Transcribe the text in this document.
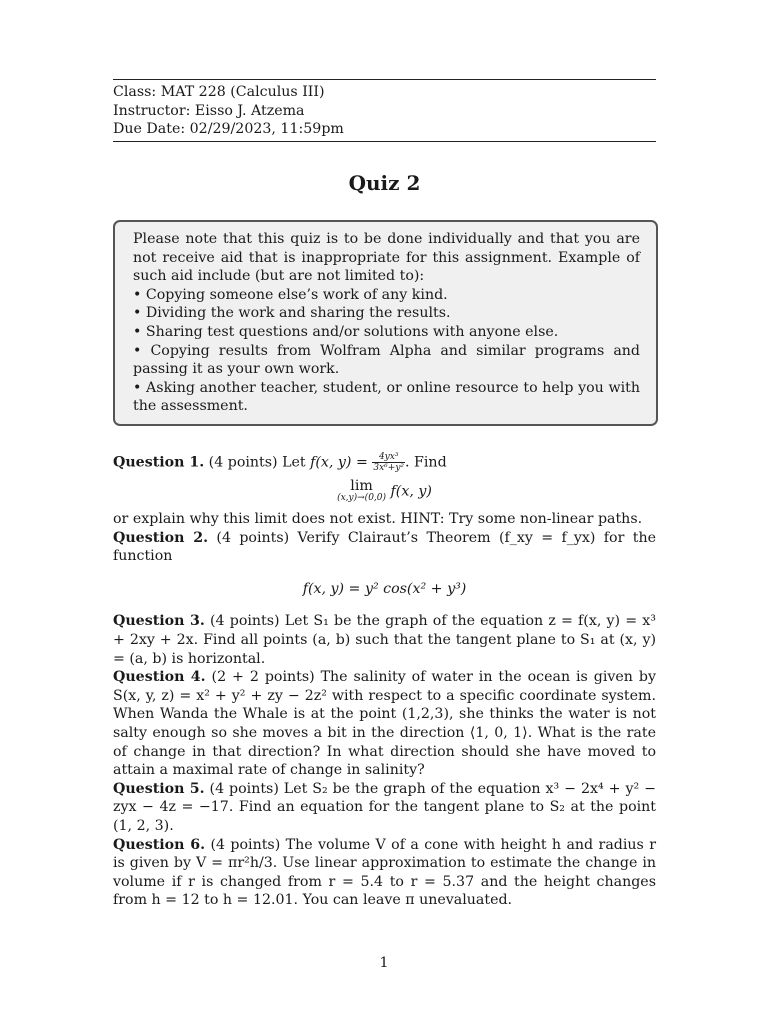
Class: MAT 228 (Calculus III)
Instructor: Eisso J. Atzema
Due Date: 02/29/2023, 11:59pm
Quiz 2

Please note that this quiz is to be done individually and that you are not receive aid that is inappropriate for this assignment. Example of such aid include (but are not limited to):

• Copying someone else’s work of any kind.

• Dividing the work and sharing the results.

• Sharing test questions and/or solutions with anyone else.

• Copying results from Wolfram Alpha and similar programs and passing it as your own work.

• Asking another teacher, student, or online resource to help you with the assessment.

Question 1. (4 points) Let f(x, $y) = \frac{\text{4yx³}}{\text{3x⁶+y²}}$ . Find

lim
(x,y)→(0,0) f(x, y)

or explain why this limit does not exist. HINT: Try some non-linear paths.

Question 2. (4 points) Verify Clairaut’s Theorem (f_xy = f_yx) for the function

f(x, y) = y² cos(x² + y³)

Question 3. (4 points) Let S₁ be the graph of the equation z = f(x, y) = x³ + 2xy + 2x. Find all points (a, b) such that the tangent plane to S₁ at (x, y) = (a, b) is horizontal.

Question 4. (2 + 2 points) The salinity of water in the ocean is given by S(x, y, z) = x² + y² + zy − 2z² with respect to a specific coordinate system. When Wanda the Whale is at the point (1,2,3), she thinks the water is not salty enough so she moves a bit in the direction ⟨1, 0, 1⟩. What is the rate of change in that direction? In what direction should she have moved to attain a maximal rate of change in salinity?

Question 5. (4 points) Let S₂ be the graph of the equation x³ − 2x⁴ + y² − zyx − 4z = −17. Find an equation for the tangent plane to S₂ at the point (1, 2, 3).

Question 6. (4 points) The volume V of a cone with height h and radius r is given by V = πr²h/3. Use linear approximation to estimate the change in volume if r is changed from r = 5.4 to r = 5.37 and the height changes from h = 12 to h = 12.01. You can leave π unevaluated.

1
